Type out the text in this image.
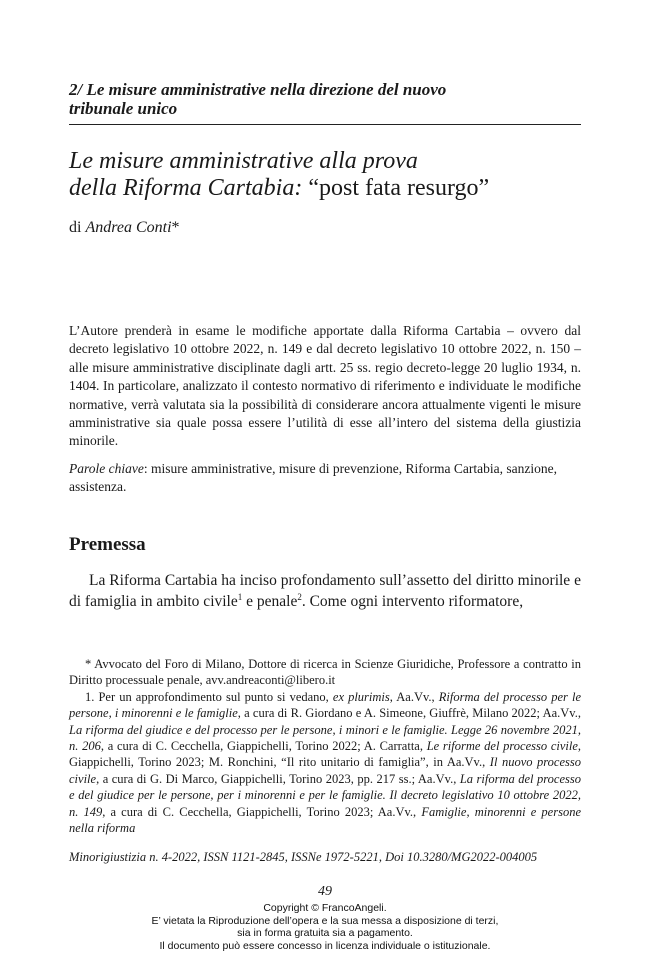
2/ Le misure amministrative nella direzione del nuovo
tribunale unico
Le misure amministrative alla prova
della Riforma Cartabia: “post fata resurgo”
di Andrea Conti*

L’Autore prenderà in esame le modifiche apportate dalla Riforma Cartabia – ovvero dal decreto legislativo 10 ottobre 2022, n. 149 e dal decreto legislativo 10 ottobre 2022, n. 150 – alle misure amministrative disciplinate dagli artt. 25 ss. regio decreto-legge 20 luglio 1934, n. 1404. In particolare, analizzato il contesto normativo di riferimento e individuate le modifiche normative, verrà valutata sia la possibilità di considerare ancora attualmente vigenti le misure amministrative sia quale possa essere l’utilità di esse all’intero del sistema della giustizia minorile.

Parole chiave: misure amministrative, misure di prevenzione, Riforma Cartabia, sanzione, assistenza.

Premessa

La Riforma Cartabia ha inciso profondamento sull’assetto del diritto minorile e di famiglia in ambito civile$^1$ e penale$^2$. Come ogni intervento riformatore,

* Avvocato del Foro di Milano, Dottore di ricerca in Scienze Giuridiche, Professore a contratto in Diritto processuale penale, avv.andreaconti@libero.it

1. Per un approfondimento sul punto si vedano, ex plurimis, Aa.Vv., Riforma del processo per le persone, i minorenni e le famiglie, a cura di R. Giordano e A. Simeone, Giuffrè, Milano 2022; Aa.Vv., La riforma del giudice e del processo per le persone, i minori e le famiglie. Legge 26 novembre 2021, n. 206, a cura di C. Cecchella, Giappichelli, Torino 2022; A. Carratta, Le riforme del processo civile, Giappichelli, Torino 2023; M. Ronchini, “Il rito unitario di famiglia”, in Aa.Vv., Il nuovo processo civile, a cura di G. Di Marco, Giappichelli, Torino 2023, pp. 217 ss.; Aa.Vv., La riforma del processo e del giudice per le persone, per i minorenni e per le famiglie. Il decreto legislativo 10 ottobre 2022, n. 149, a cura di C. Cecchella, Giappichelli, Torino 2023; Aa.Vv., Famiglie, minorenni e persone nella riforma

Minorigiustizia n. 4-2022, ISSN 1121-2845, ISSNe 1972-5221, Doi 10.3280/MG2022-004005
49
Copyright © FrancoAngeli.
E’ vietata la Riproduzione dell’opera e la sua messa a disposizione di terzi,
sia in forma gratuita sia a pagamento.
Il documento può essere concesso in licenza individuale o istituzionale.
